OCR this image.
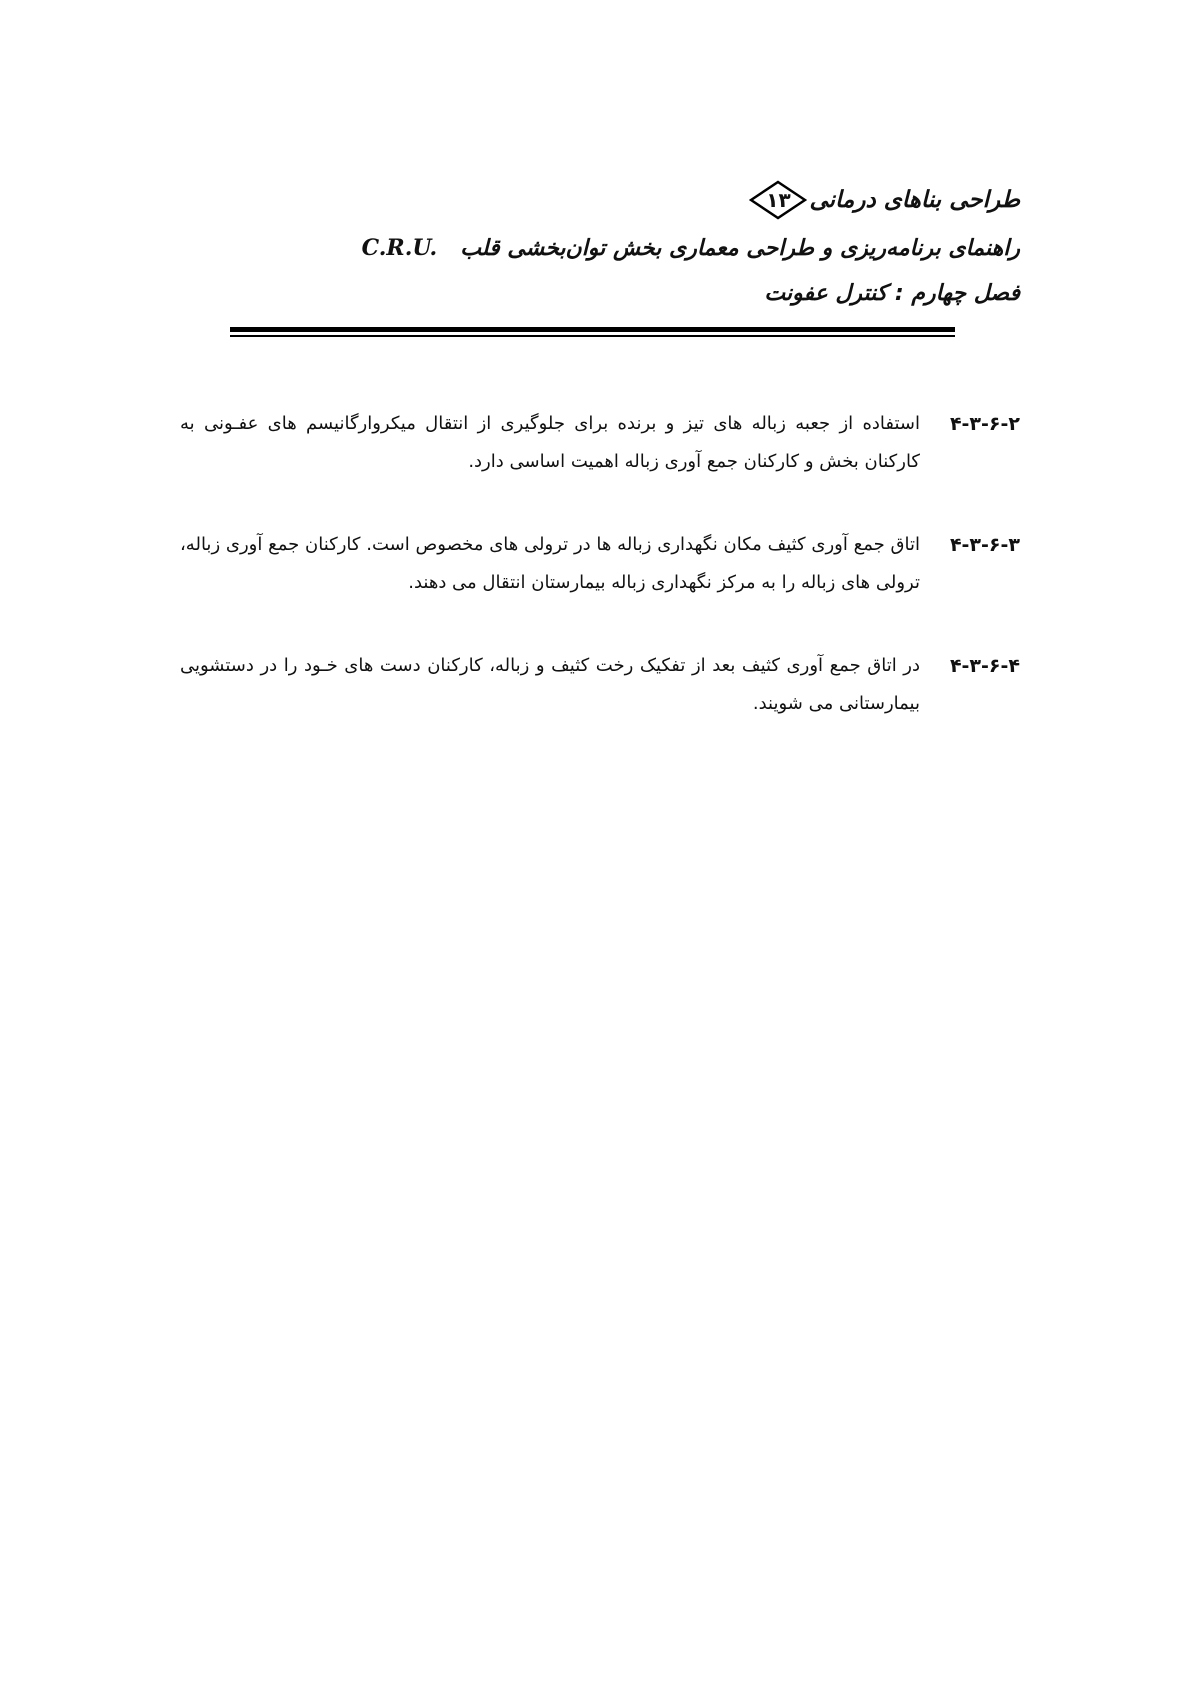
طراحی بناهای درمانی
۱۳
راهنمای برنامه‌ریزی و طراحی معماری بخش توان‌بخشی قلب   C.R.U.
فصل چهارم : کنترل عفونت
۴-۳-۶-۲
استفاده از جعبه زباله های تیز و برنده برای جلوگیری از انتقال میکروارگانیسم های عفـونی به کارکنان بخش و کارکنان جمع آوری زباله اهمیت اساسی دارد.
۴-۳-۶-۳
اتاق جمع آوری کثیف مکان نگهداری زباله ها در ترولی های مخصوص است. کارکنان جمع آوری زباله، ترولی های زباله را به مرکز نگهداری زباله بیمارستان انتقال می دهند.
۴-۳-۶-۴
در اتاق جمع آوری کثیف بعد از تفکیک رخت کثیف و زباله، کارکنان دست های خـود را در دستشویی بیمارستانی می شویند.
